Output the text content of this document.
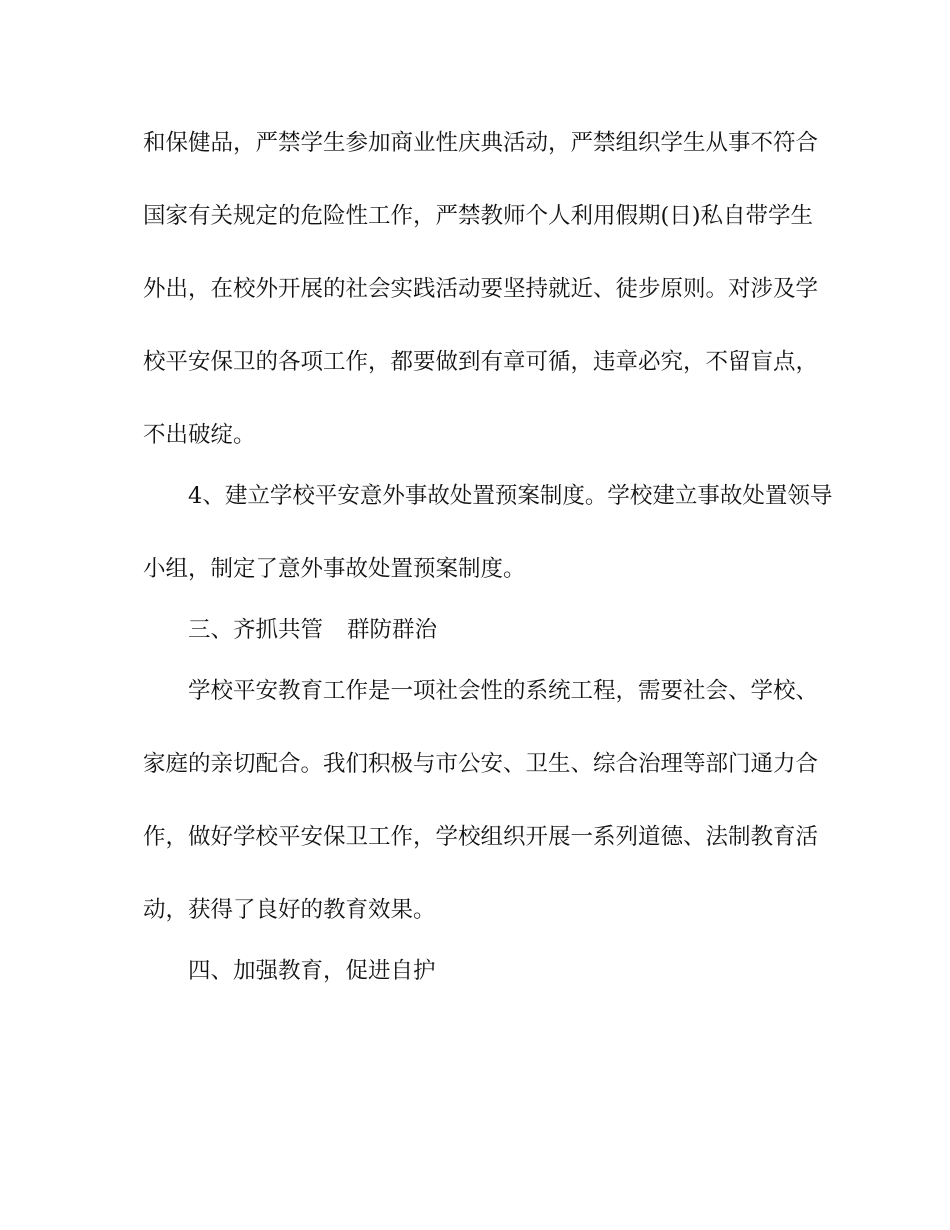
和保健品，严禁学生参加商业性庆典活动，严禁组织学生从事不符合
国家有关规定的危险性工作，严禁教师个人利用假期(日)私自带学生
外出，在校外开展的社会实践活动要坚持就近、徒步原则。对涉及学
校平安保卫的各项工作，都要做到有章可循，违章必究，不留盲点，
不出破绽。
4、建立学校平安意外事故处置预案制度。学校建立事故处置领导
小组，制定了意外事故处置预案制度。
三、齐抓共管 群防群治
学校平安教育工作是一项社会性的系统工程，需要社会、学校、
家庭的亲切配合。我们积极与市公安、卫生、综合治理等部门通力合
作，做好学校平安保卫工作，学校组织开展一系列道德、法制教育活
动，获得了良好的教育效果。
四、加强教育，促进自护
